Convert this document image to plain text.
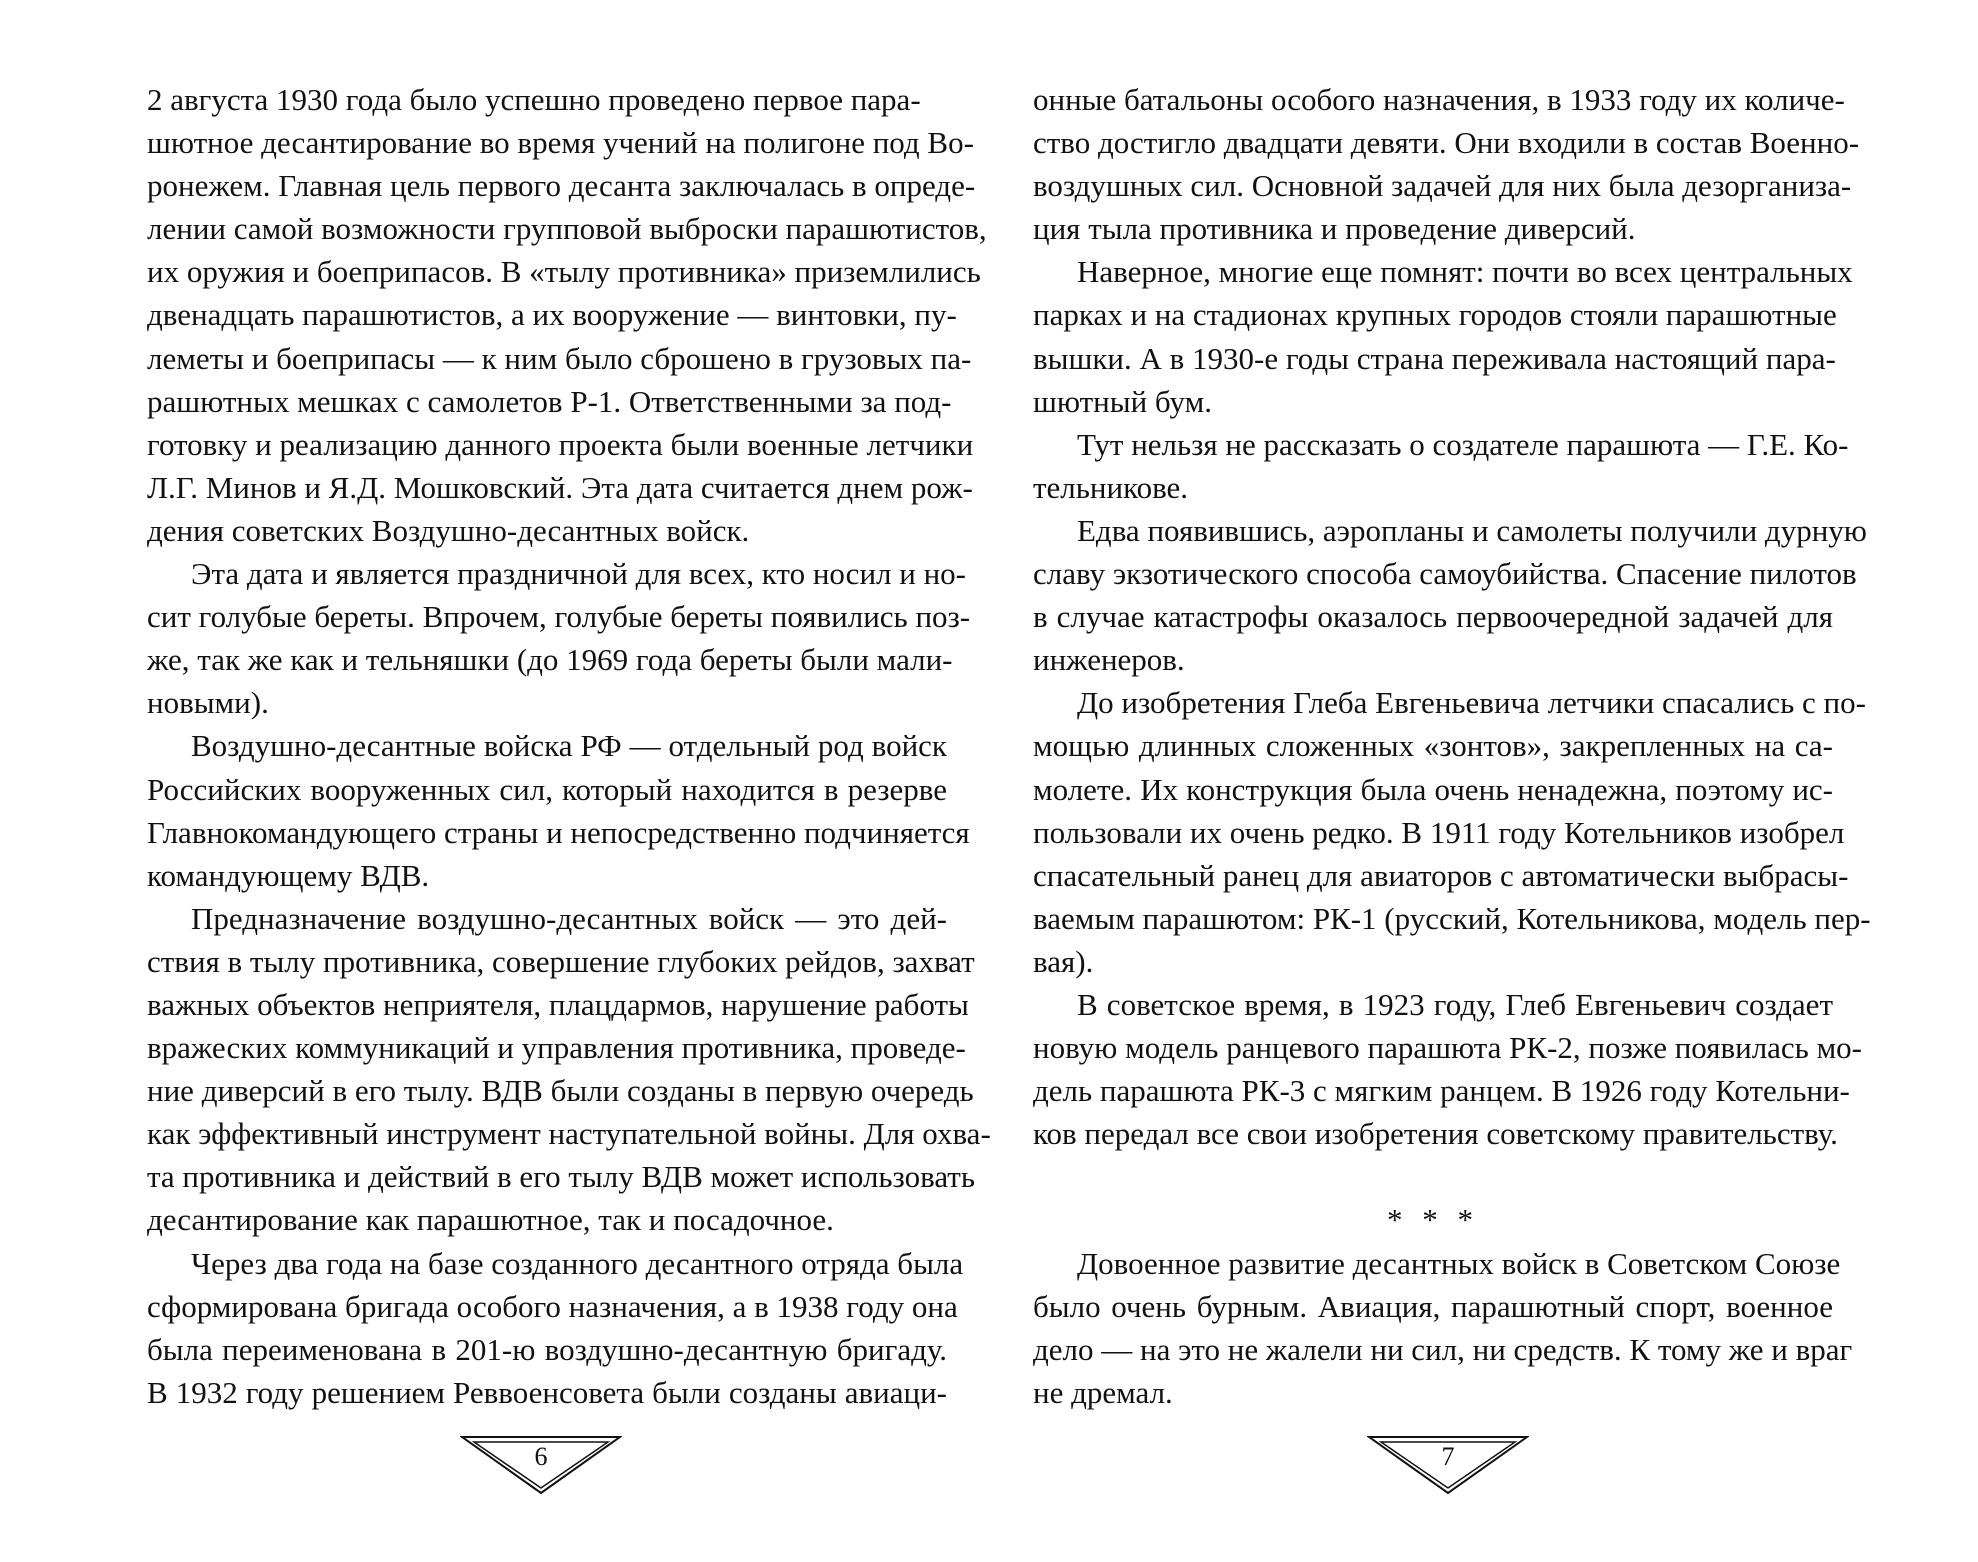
2 августа 1930 года было успешно проведено первое пара-
шютное десантирование во время учений на полигоне под Во-
ронежем. Главная цель первого десанта заключалась в опреде-
лении самой возможности групповой выброски парашютистов,
их оружия и боеприпасов. В «тылу противника» приземлились
двенадцать парашютистов, а их вооружение — винтовки, пу-
леметы и боеприпасы — к ним было сброшено в грузовых па-
рашютных мешках с самолетов Р-1. Ответственными за под-
готовку и реализацию данного проекта были военные летчики
Л.Г. Минов и Я.Д. Мошковский. Эта дата считается днем рож-
дения советских Воздушно-десантных войск.
Эта дата и является праздничной для всех, кто носил и но-
сит голубые береты. Впрочем, голубые береты появились поз-
же, так же как и тельняшки (до 1969 года береты были мали-
новыми).
Воздушно-десантные войска РФ — отдельный род войск
Российских вооруженных сил, который находится в резерве
Главнокомандующего страны и непосредственно подчиняется
командующему ВДВ.
Предназначение воздушно-десантных войск — это дей-
ствия в тылу противника, совершение глубоких рейдов, захват
важных объектов неприятеля, плацдармов, нарушение работы
вражеских коммуникаций и управления противника, проведе-
ние диверсий в его тылу. ВДВ были созданы в первую очередь
как эффективный инструмент наступательной войны. Для охва-
та противника и действий в его тылу ВДВ может использовать
десантирование как парашютное, так и посадочное.
Через два года на базе созданного десантного отряда была
сформирована бригада особого назначения, а в 1938 году она
была переименована в 201-ю воздушно-десантную бригаду.
В 1932 году решением Реввоенсовета были созданы авиаци-
6
онные батальоны особого назначения, в 1933 году их количе-
ство достигло двадцати девяти. Они входили в состав Военно-
воздушных сил. Основной задачей для них была дезорганиза-
ция тыла противника и проведение диверсий.
Наверное, многие еще помнят: почти во всех центральных
парках и на стадионах крупных городов стояли парашютные
вышки. А в 1930-е годы страна переживала настоящий пара-
шютный бум.
Тут нельзя не рассказать о создателе парашюта — Г.Е. Ко-
тельникове.
Едва появившись, аэропланы и самолеты получили дурную
славу экзотического способа самоубийства. Спасение пилотов
в случае катастрофы оказалось первоочередной задачей для
инженеров.
До изобретения Глеба Евгеньевича летчики спасались с по-
мощью длинных сложенных «зонтов», закрепленных на са-
молете. Их конструкция была очень ненадежна, поэтому ис-
пользовали их очень редко. В 1911 году Котельников изобрел
спасательный ранец для авиаторов с автоматически выбрасы-
ваемым парашютом: РК-1 (русский, Котельникова, модель пер-
вая).
В советское время, в 1923 году, Глеб Евгеньевич создает
новую модель ранцевого парашюта РК-2, позже появилась мо-
дель парашюта РК-3 с мягким ранцем. В 1926 году Котельни-
ков передал все свои изобретения советскому правительству.
* * *
Довоенное развитие десантных войск в Советском Союзе
было очень бурным. Авиация, парашютный спорт, военное
дело — на это не жалели ни сил, ни средств. К тому же и враг
не дремал.
7
